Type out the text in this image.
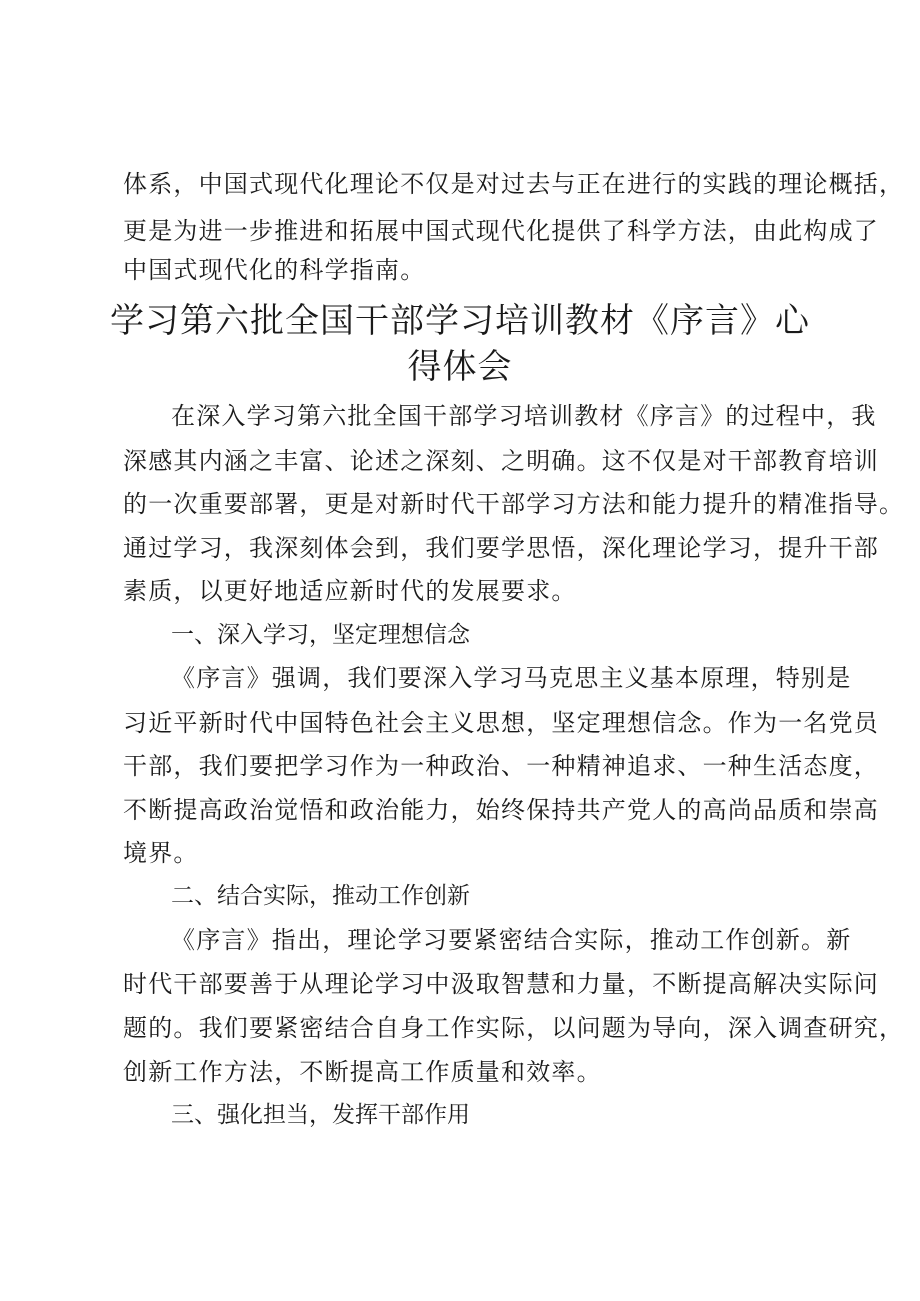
体系，中国式现代化理论不仅是对过去与正在进行的实践的理论概括，
更是为进一步推进和拓展中国式现代化提供了科学方法，由此构成了
中国式现代化的科学指南。
学习第六批全国干部学习培训教材《序言》心
得体会
在深入学习第六批全国干部学习培训教材《序言》的过程中，我
深感其内涵之丰富、论述之深刻、之明确。这不仅是对干部教育培训
的一次重要部署，更是对新时代干部学习方法和能力提升的精准指导。
通过学习，我深刻体会到，我们要学思悟，深化理论学习，提升干部
素质，以更好地适应新时代的发展要求。
一、深入学习，坚定理想信念
《序言》强调，我们要深入学习马克思主义基本原理，特别是
习近平新时代中国特色社会主义思想，坚定理想信念。作为一名党员
干部，我们要把学习作为一种政治、一种精神追求、一种生活态度，
不断提高政治觉悟和政治能力，始终保持共产党人的高尚品质和崇高
境界。
二、结合实际，推动工作创新
《序言》指出，理论学习要紧密结合实际，推动工作创新。新
时代干部要善于从理论学习中汲取智慧和力量，不断提高解决实际问
题的。我们要紧密结合自身工作实际，以问题为导向，深入调查研究，
创新工作方法，不断提高工作质量和效率。
三、强化担当，发挥干部作用
